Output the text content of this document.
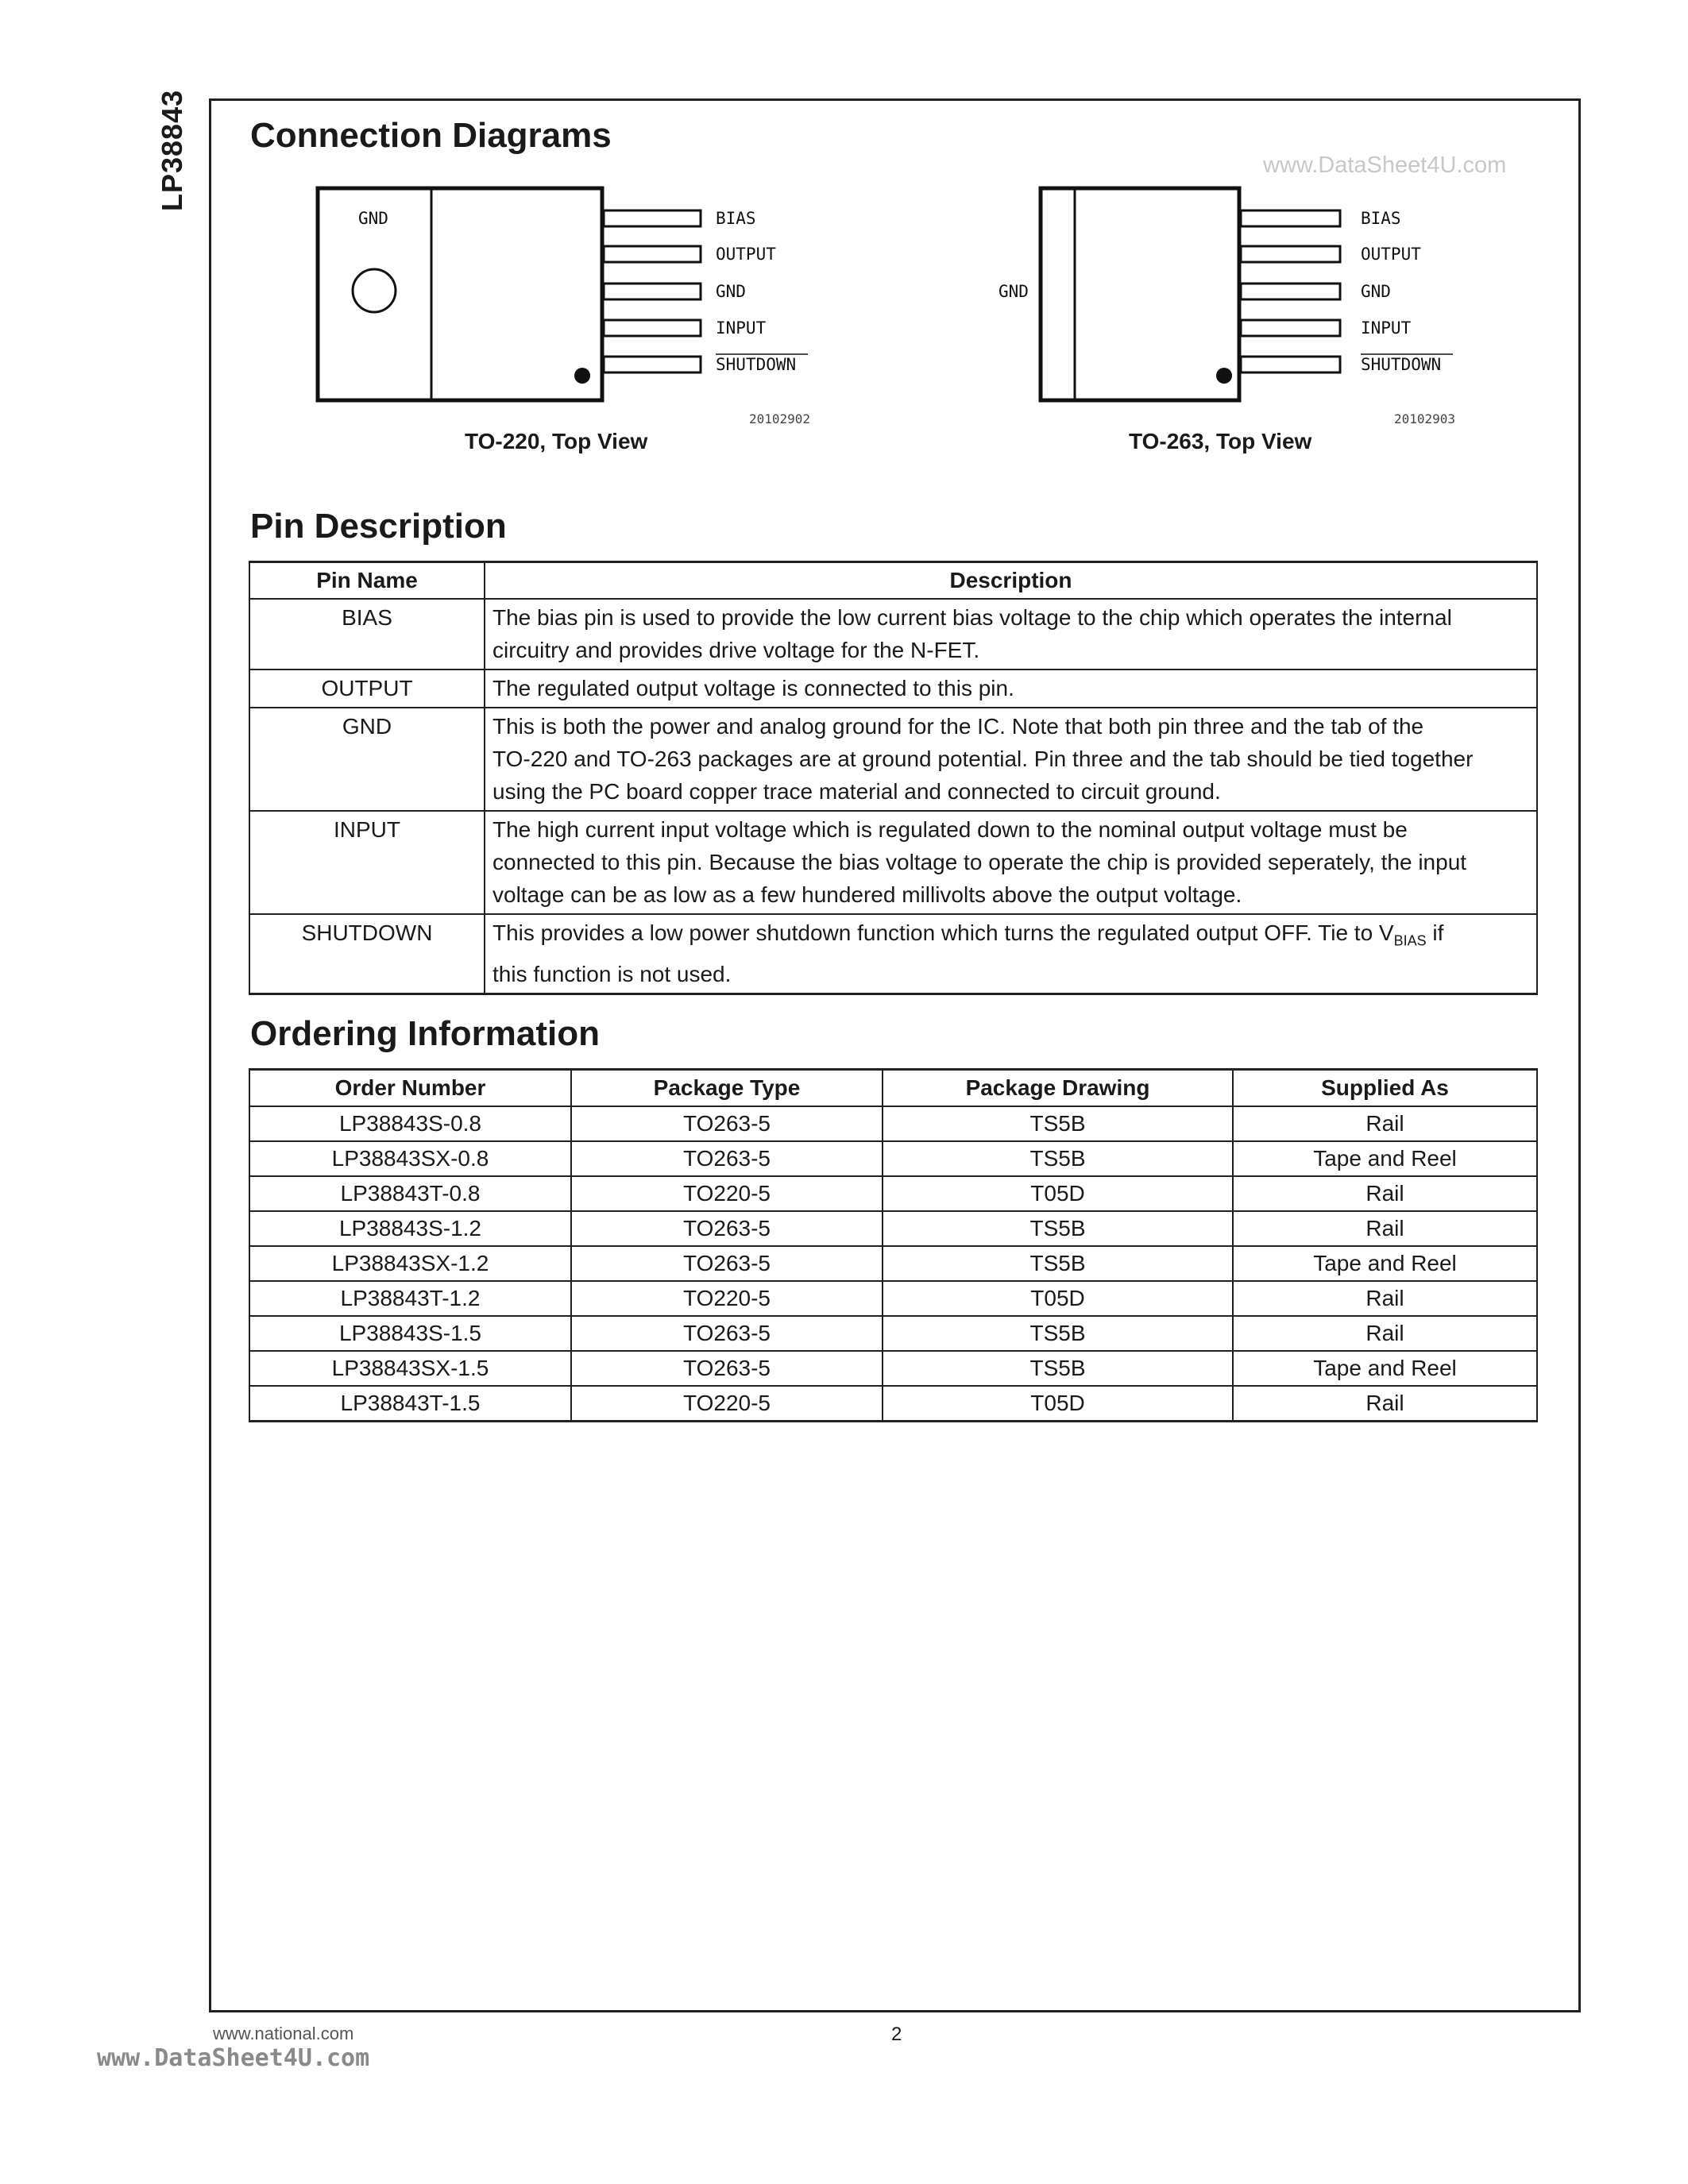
LP38843	www.DataSheet4U.com
Connection Diagrams
GND	BIAS
OUTPUT
GND
INPUT
SHUTDOWN
20102902
TO-220, Top View
GND
BIAS
OUTPUT
GND
INPUT
SHUTDOWN
20102903
TO-263, Top View
Pin Description
Pin Name	Description
BIAS	The bias pin is used to provide the low current bias voltage to the chip which operates the internal
circuitry and provides drive voltage for the N-FET.

OUTPUT	The regulated output voltage is connected to this pin.

GND	This is both the power and analog ground for the IC. Note that both pin three and the tab of the
TO-220 and TO-263 packages are at ground potential. Pin three and the tab should be tied together
using the PC board copper trace material and connected to circuit ground.

INPUT	The high current input voltage which is regulated down to the nominal output voltage must be
connected to this pin. Because the bias voltage to operate the chip is provided seperately, the input
voltage can be as low as a few hundered millivolts above the output voltage.

SHUTDOWN	This provides a low power shutdown function which turns the regulated output OFF. Tie to $V_{BIAS}$ if
this function is not used.
Ordering Information
Order Number	Package Type	Package Drawing	Supplied As
LP38843S-0.8	TO263-5	TS5B	Rail
LP38843SX-0.8	TO263-5	TS5B	Tape and Reel
LP38843T-0.8	TO220-5	T05D	Rail
LP38843S-1.2	TO263-5	TS5B	Rail
LP38843SX-1.2	TO263-5	TS5B	Tape and Reel
LP38843T-1.2	TO220-5	T05D	Rail
LP38843S-1.5	TO263-5	TS5B	Rail
LP38843SX-1.5	TO263-5	TS5B	Tape and Reel
LP38843T-1.5	TO220-5	T05D	Rail
www.national.com	2
www.DataSheet4U.com
